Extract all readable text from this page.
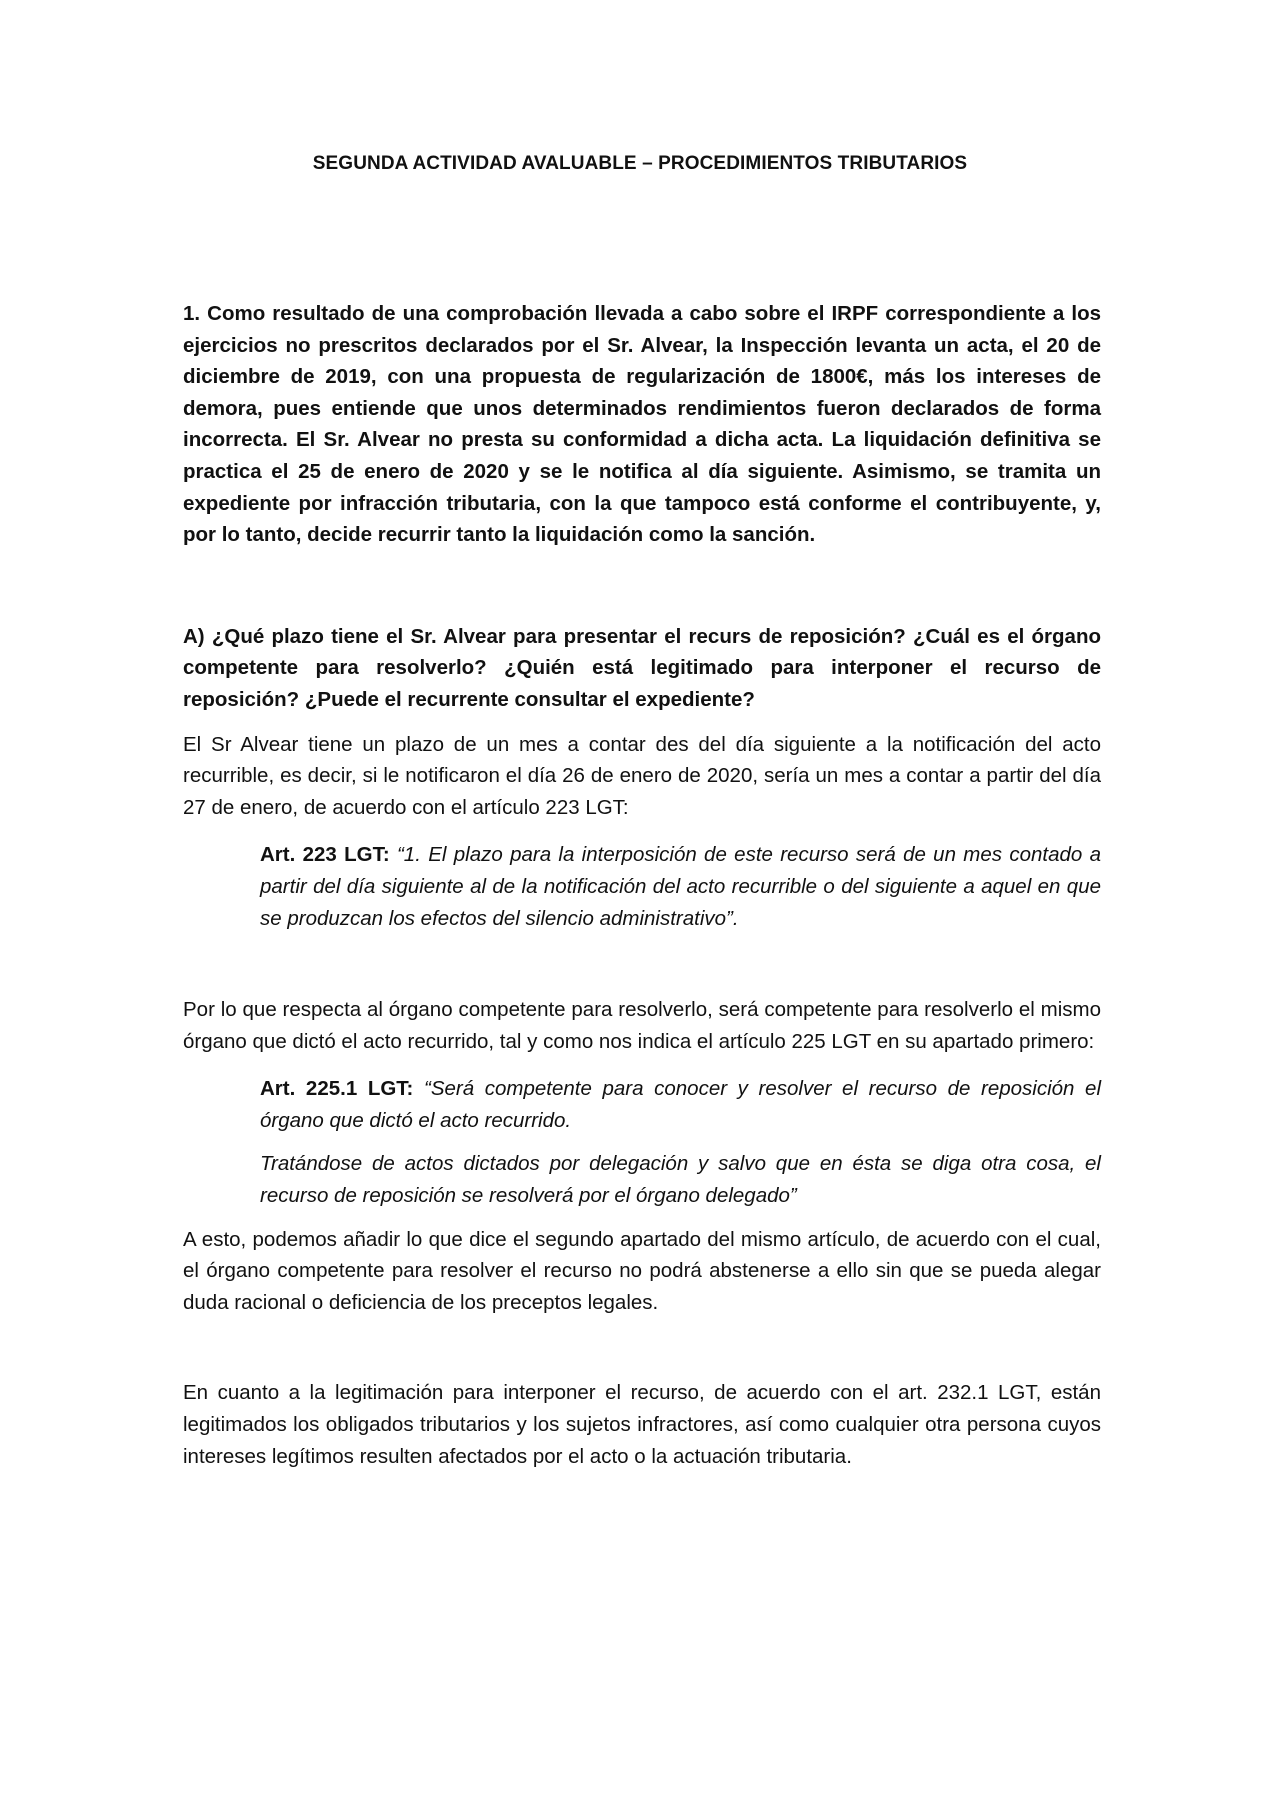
SEGUNDA ACTIVIDAD AVALUABLE – PROCEDIMIENTOS TRIBUTARIOS

1. Como resultado de una comprobación llevada a cabo sobre el IRPF correspondiente a los ejercicios no prescritos declarados por el Sr. Alvear, la Inspección levanta un acta, el 20 de diciembre de 2019, con una propuesta de regularización de 1800€, más los intereses de demora, pues entiende que unos determinados rendimientos fueron declarados de forma incorrecta. El Sr. Alvear no presta su conformidad a dicha acta. La liquidación definitiva se practica el 25 de enero de 2020 y se le notifica al día siguiente. Asimismo, se tramita un expediente por infracción tributaria, con la que tampoco está conforme el contribuyente, y, por lo tanto, decide recurrir tanto la liquidación como la sanción.

A) ¿Qué plazo tiene el Sr. Alvear para presentar el recurs de reposición? ¿Cuál es el órgano competente para resolverlo? ¿Quién está legitimado para interponer el recurso de reposición? ¿Puede el recurrente consultar el expediente?

El Sr Alvear tiene un plazo de un mes a contar des del día siguiente a la notificación del acto recurrible, es decir, si le notificaron el día 26 de enero de 2020, sería un mes a contar a partir del día 27 de enero, de acuerdo con el artículo 223 LGT:

Art. 223 LGT: “1. El plazo para la interposición de este recurso será de un mes contado a partir del día siguiente al de la notificación del acto recurrible o del siguiente a aquel en que se produzcan los efectos del silencio administrativo”.

Por lo que respecta al órgano competente para resolverlo, será competente para resolverlo el mismo órgano que dictó el acto recurrido, tal y como nos indica el artículo 225 LGT en su apartado primero:

Art. 225.1 LGT: “Será competente para conocer y resolver el recurso de reposición el órgano que dictó el acto recurrido.

Tratándose de actos dictados por delegación y salvo que en ésta se diga otra cosa, el recurso de reposición se resolverá por el órgano delegado”

A esto, podemos añadir lo que dice el segundo apartado del mismo artículo, de acuerdo con el cual, el órgano competente para resolver el recurso no podrá abstenerse a ello sin que se pueda alegar duda racional o deficiencia de los preceptos legales.

En cuanto a la legitimación para interponer el recurso, de acuerdo con el art. 232.1 LGT, están legitimados los obligados tributarios y los sujetos infractores, así como cualquier otra persona cuyos intereses legítimos resulten afectados por el acto o la actuación tributaria.
